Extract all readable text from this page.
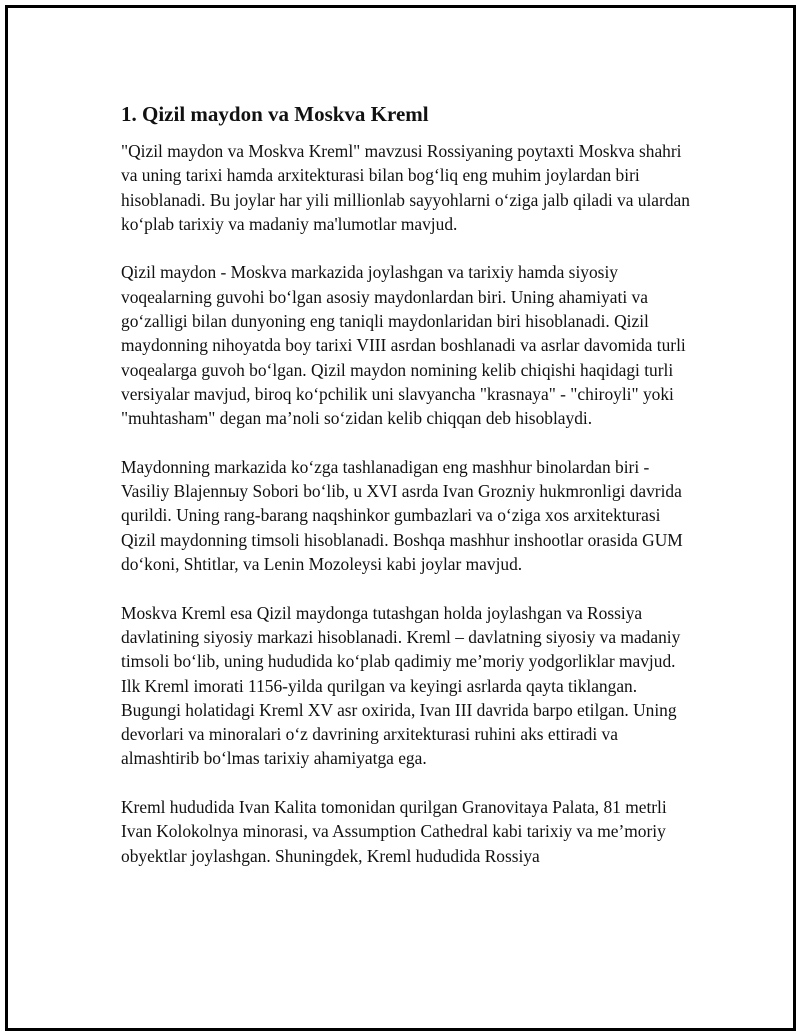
1. Qizil maydon va Moskva Kreml

"Qizil maydon va Moskva Kreml" mavzusi Rossiyaning poytaxti Moskva shahri va uning tarixi hamda arxitekturasi bilan bog‘liq eng muhim joylardan biri hisoblanadi. Bu joylar har yili millionlab sayyohlarni o‘ziga jalb qiladi va ulardan ko‘plab tarixiy va madaniy ma'lumotlar mavjud.

Qizil maydon - Moskva markazida joylashgan va tarixiy hamda siyosiy voqealarning guvohi bo‘lgan asosiy maydonlardan biri. Uning ahamiyati va go‘zalligi bilan dunyoning eng taniqli maydonlaridan biri hisoblanadi. Qizil maydonning nihoyatda boy tarixi VIII asrdan boshlanadi va asrlar davomida turli voqealarga guvoh bo‘lgan. Qizil maydon nomining kelib chiqishi haqidagi turli versiyalar mavjud, biroq ko‘pchilik uni slavyancha "krasnaya" - "chiroyli" yoki "muhtasham" degan ma’noli so‘zidan kelib chiqqan deb hisoblaydi.

Maydonning markazida ko‘zga tashlanadigan eng mashhur binolardan biri - Vasiliy Blajennыy Sobori bo‘lib, u XVI asrda Ivan Grozniy hukmronligi davrida qurildi. Uning rang-barang naqshinkor gumbazlari va o‘ziga xos arxitekturasi Qizil maydonning timsoli hisoblanadi. Boshqa mashhur inshootlar orasida GUM do‘koni, Shtitlar, va Lenin Mozoleysi kabi joylar mavjud.

Moskva Kreml esa Qizil maydonga tutashgan holda joylashgan va Rossiya davlatining siyosiy markazi hisoblanadi. Kreml – davlatning siyosiy va madaniy timsoli bo‘lib, uning hududida ko‘plab qadimiy me’moriy yodgorliklar mavjud. Ilk Kreml imorati 1156-yilda qurilgan va keyingi asrlarda qayta tiklangan. Bugungi holatidagi Kreml XV asr oxirida, Ivan III davrida barpo etilgan. Uning devorlari va minoralari o‘z davrining arxitekturasi ruhini aks ettiradi va almashtirib bo‘lmas tarixiy ahamiyatga ega.

Kreml hududida Ivan Kalita tomonidan qurilgan Granovitaya Palata, 81 metrli Ivan Kolokolnya minorasi, va Assumption Cathedral kabi tarixiy va me’moriy obyektlar joylashgan. Shuningdek, Kreml hududida Rossiya
